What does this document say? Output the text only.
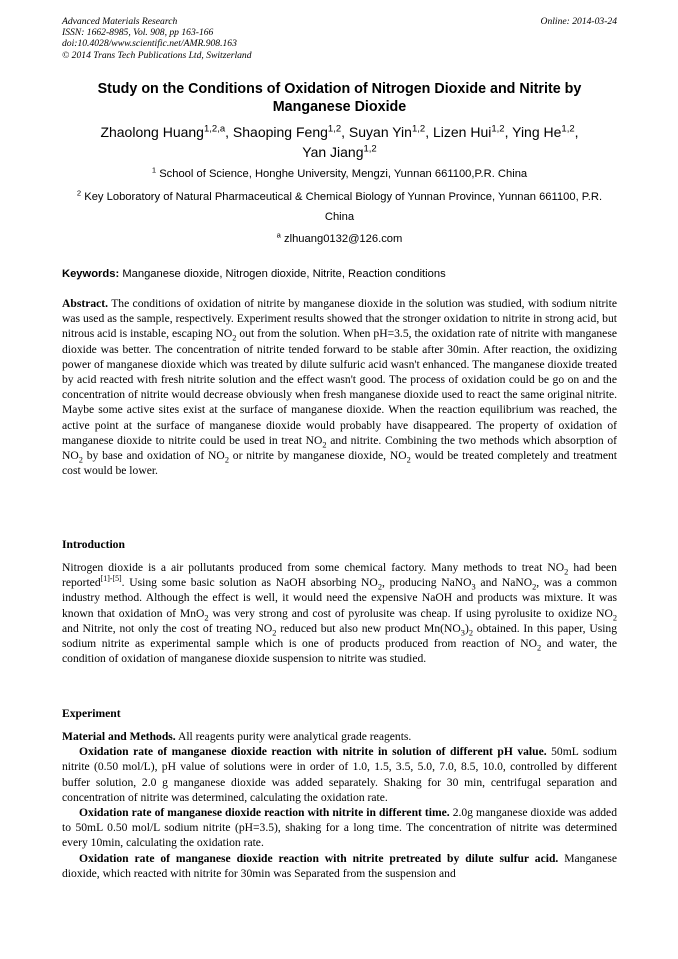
Advanced Materials Research
ISSN: 1662-8985, Vol. 908, pp 163-166
doi:10.4028/www.scientific.net/AMR.908.163
© 2014 Trans Tech Publications Ltd, Switzerland
Online: 2014-03-24
Study on the Conditions of Oxidation of Nitrogen Dioxide and Nitrite by Manganese Dioxide
Zhaolong Huang$^{1,2,a}$, Shaoping Feng$^{1,2}$, Suyan Yin$^{1,2}$, Lizen Hui$^{1,2}$, Ying He$^{1,2}$,
Yan Jiang$^{1,2}$
$^1$ School of Science, Honghe University, Mengzi, Yunnan 661100,P.R. China
$^2$ Key Loboratory of Natural Pharmaceutical & Chemical Biology of Yunnan Province, Yunnan 661100, P.R. China
$^a$ zlhuang0132@126.com
Keywords: Manganese dioxide, Nitrogen dioxide, Nitrite, Reaction conditions

Abstract. The conditions of oxidation of nitrite by manganese dioxide in the solution was studied, with sodium nitrite was used as the sample, respectively. Experiment results showed that the stronger oxidation to nitrite in strong acid, but nitrous acid is instable, escaping $NO_2$ out from the solution. When pH=3.5, the oxidation rate of nitrite with manganese dioxide was better. The concentration of nitrite tended forward to be stable after 30min. After reaction, the oxidizing power of manganese dioxide which was treated by dilute sulfuric acid wasn't enhanced. The manganese dioxide treated by acid reacted with fresh nitrite solution and the effect wasn't good. The process of oxidation could be go on and the concentration of nitrite would decrease obviously when fresh manganese dioxide used to react the same original nitrite. Maybe some active sites exist at the surface of manganese dioxide. When the reaction equilibrium was reached, the active point at the surface of manganese dioxide would probably have disappeared. The property of oxidation of manganese dioxide to nitrite could be used in treat $NO_2$ and nitrite. Combining the two methods which absorption of $NO_2$ by base and oxidation of $NO_2$ or nitrite by manganese dioxide, $NO_2$ would be treated completely and treatment cost would be lower.

Introduction

Nitrogen dioxide is a air pollutants produced from some chemical factory. Many methods to treat $NO_2$ had been reported[1]-[5]. Using some basic solution as NaOH absorbing $NO_2$, producing NaNO$_3$ and NaNO$_2$, was a common industry method. Although the effect is well, it would need the expensive NaOH and products was mixture. It was known that oxidation of MnO$_2$ was very strong and cost of pyrolusite was cheap. If using pyrolusite to oxidize $NO_2$ and Nitrite, not only the cost of treating $NO_2$ reduced but also new product $Mn(NO_3)_2$ obtained. In this paper, Using sodium nitrite as experimental sample which is one of products produced from reaction of $NO_2$ and water, the condition of oxidation of manganese dioxide suspension to nitrite was studied.

Experiment

Material and Methods. All reagents purity were analytical grade reagents.

Oxidation rate of manganese dioxide reaction with nitrite in solution of different pH value. 50mL sodium nitrite (0.50 mol/L), pH value of solutions were in order of 1.0, 1.5, 3.5, 5.0, 7.0, 8.5, 10.0, controlled by different buffer solution, 2.0 g manganese dioxide was added separately. Shaking for 30 min, centrifugal separation and concentration of nitrite was determined, calculating the oxidation rate.

Oxidation rate of manganese dioxide reaction with nitrite in different time. 2.0g manganese dioxide was added to 50mL 0.50 mol/L sodium nitrite (pH=3.5), shaking for a long time. The concentration of nitrite was determined every 10min, calculating the oxidation rate.

Oxidation rate of manganese dioxide reaction with nitrite pretreated by dilute sulfur acid. Manganese dioxide, which reacted with nitrite for 30min was Separated from the suspension and
